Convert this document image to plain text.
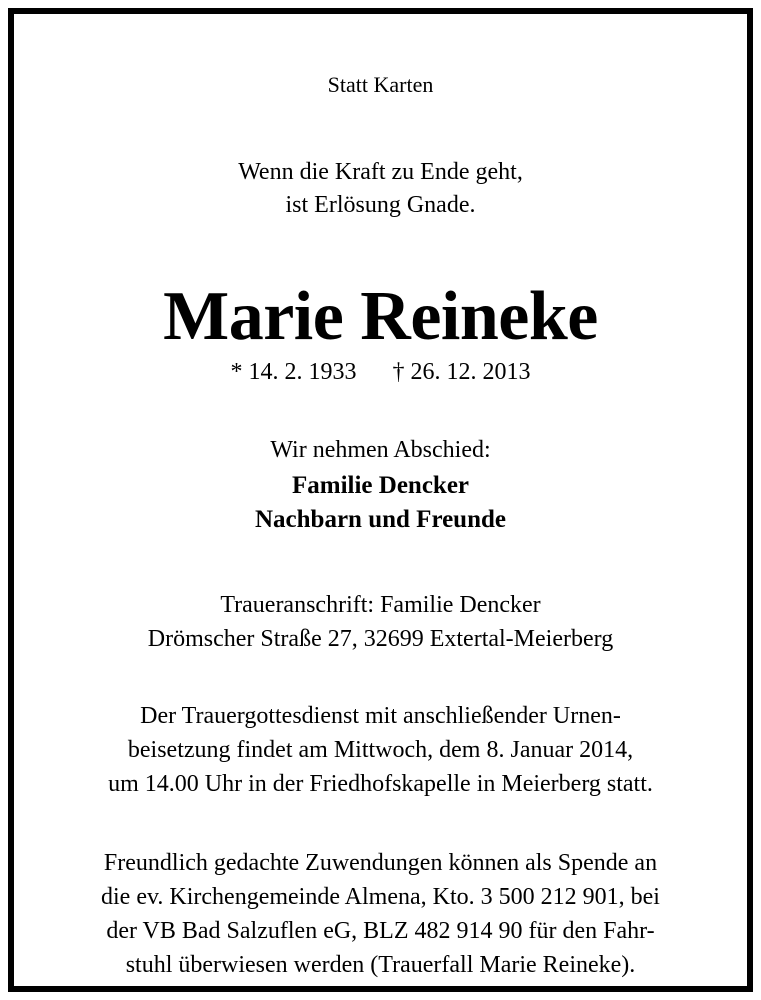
Statt Karten
Wenn die Kraft zu Ende geht,
ist Erlösung Gnade.
Marie Reineke
* 14. 2. 1933 † 26. 12. 2013
Wir nehmen Abschied:
Familie Dencker
Nachbarn und Freunde
Traueranschrift: Familie Dencker
Drömscher Straße 27, 32699 Extertal-Meierberg
Der Trauergottesdienst mit anschließender Urnen-
beisetzung findet am Mittwoch, dem 8. Januar 2014,
um 14.00 Uhr in der Friedhofskapelle in Meierberg statt.
Freundlich gedachte Zuwendungen können als Spende an
die ev. Kirchengemeinde Almena, Kto. 3 500 212 901, bei
der VB Bad Salzuflen eG, BLZ 482 914 90 für den Fahr-
stuhl überwiesen werden (Trauerfall Marie Reineke).
